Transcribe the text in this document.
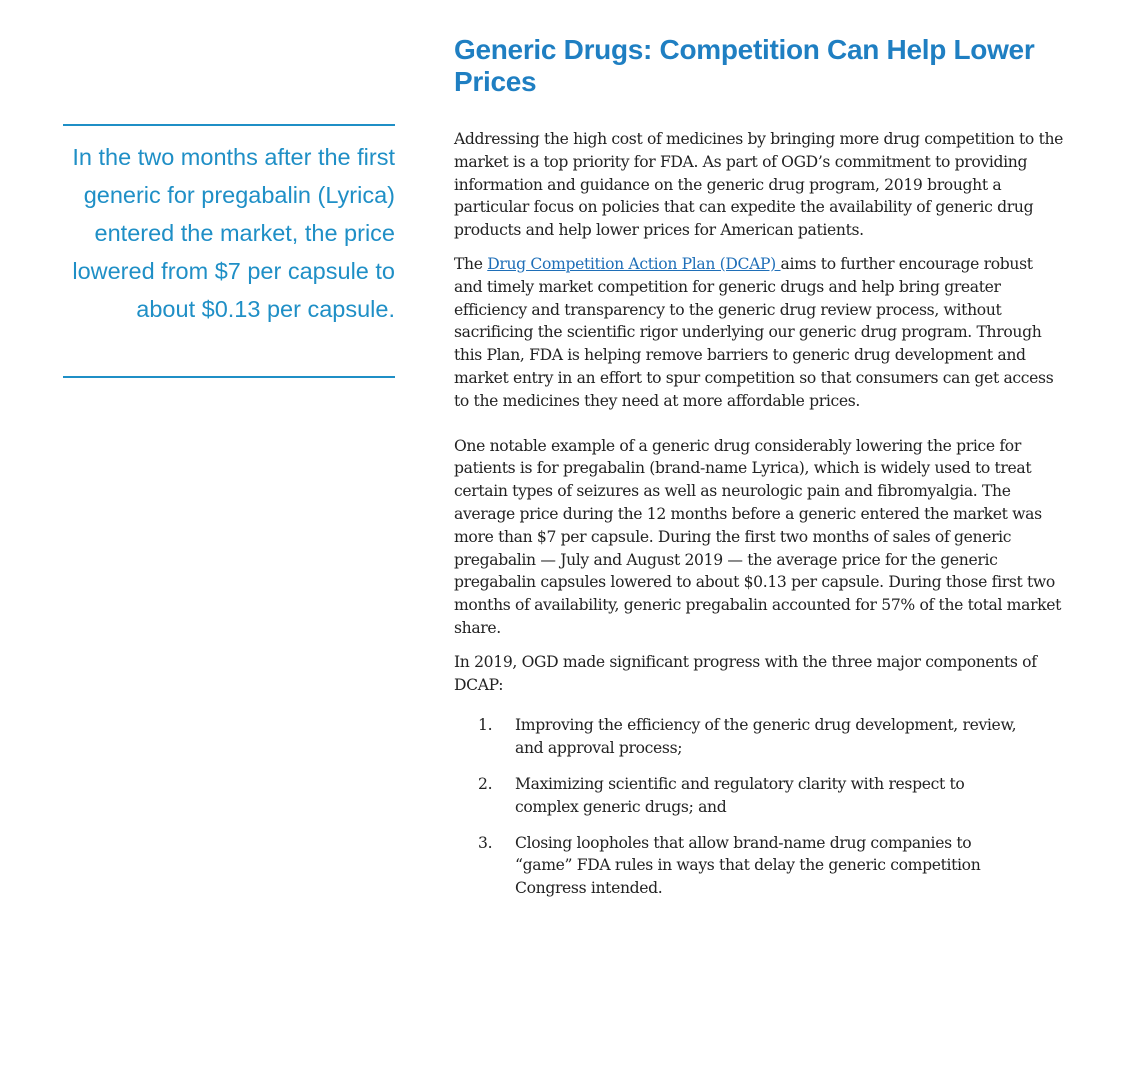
In the two months after the first generic for pregabalin (Lyrica) entered the market, the price lowered from $7 per capsule to about $0.13 per capsule.

Generic Drugs: Competition Can Help Lower Prices

Addressing the high cost of medicines by bringing more drug competition to the market is a top priority for FDA. As part of OGD’s commitment to providing information and guidance on the generic drug program, 2019 brought a particular focus on policies that can expedite the availability of generic drug products and help lower prices for American patients.

The Drug Competition Action Plan (DCAP) aims to further encourage robust and timely market competition for generic drugs and help bring greater efficiency and transparency to the generic drug review process, without sacrificing the scientific rigor underlying our generic drug program. Through this Plan, FDA is helping remove barriers to generic drug development and market entry in an effort to spur competition so that consumers can get access to the medicines they need at more affordable prices.

One notable example of a generic drug considerably lowering the price for patients is for pregabalin (brand-name Lyrica), which is widely used to treat certain types of seizures as well as neurologic pain and fibromyalgia. The average price during the 12 months before a generic entered the market was more than $7 per capsule. During the first two months of sales of generic pregabalin — July and August 2019 — the average price for the generic pregabalin capsules lowered to about $0.13 per capsule. During those first two months of availability, generic pregabalin accounted for 57% of the total market share.

In 2019, OGD made significant progress with the three major components of DCAP:

1.	Improving the efficiency of the generic drug development, review, and approval process;
2.	Maximizing scientific and regulatory clarity with respect to complex generic drugs; and
3.	Closing loopholes that allow brand-name drug companies to “game” FDA rules in ways that delay the generic competition Congress intended.
